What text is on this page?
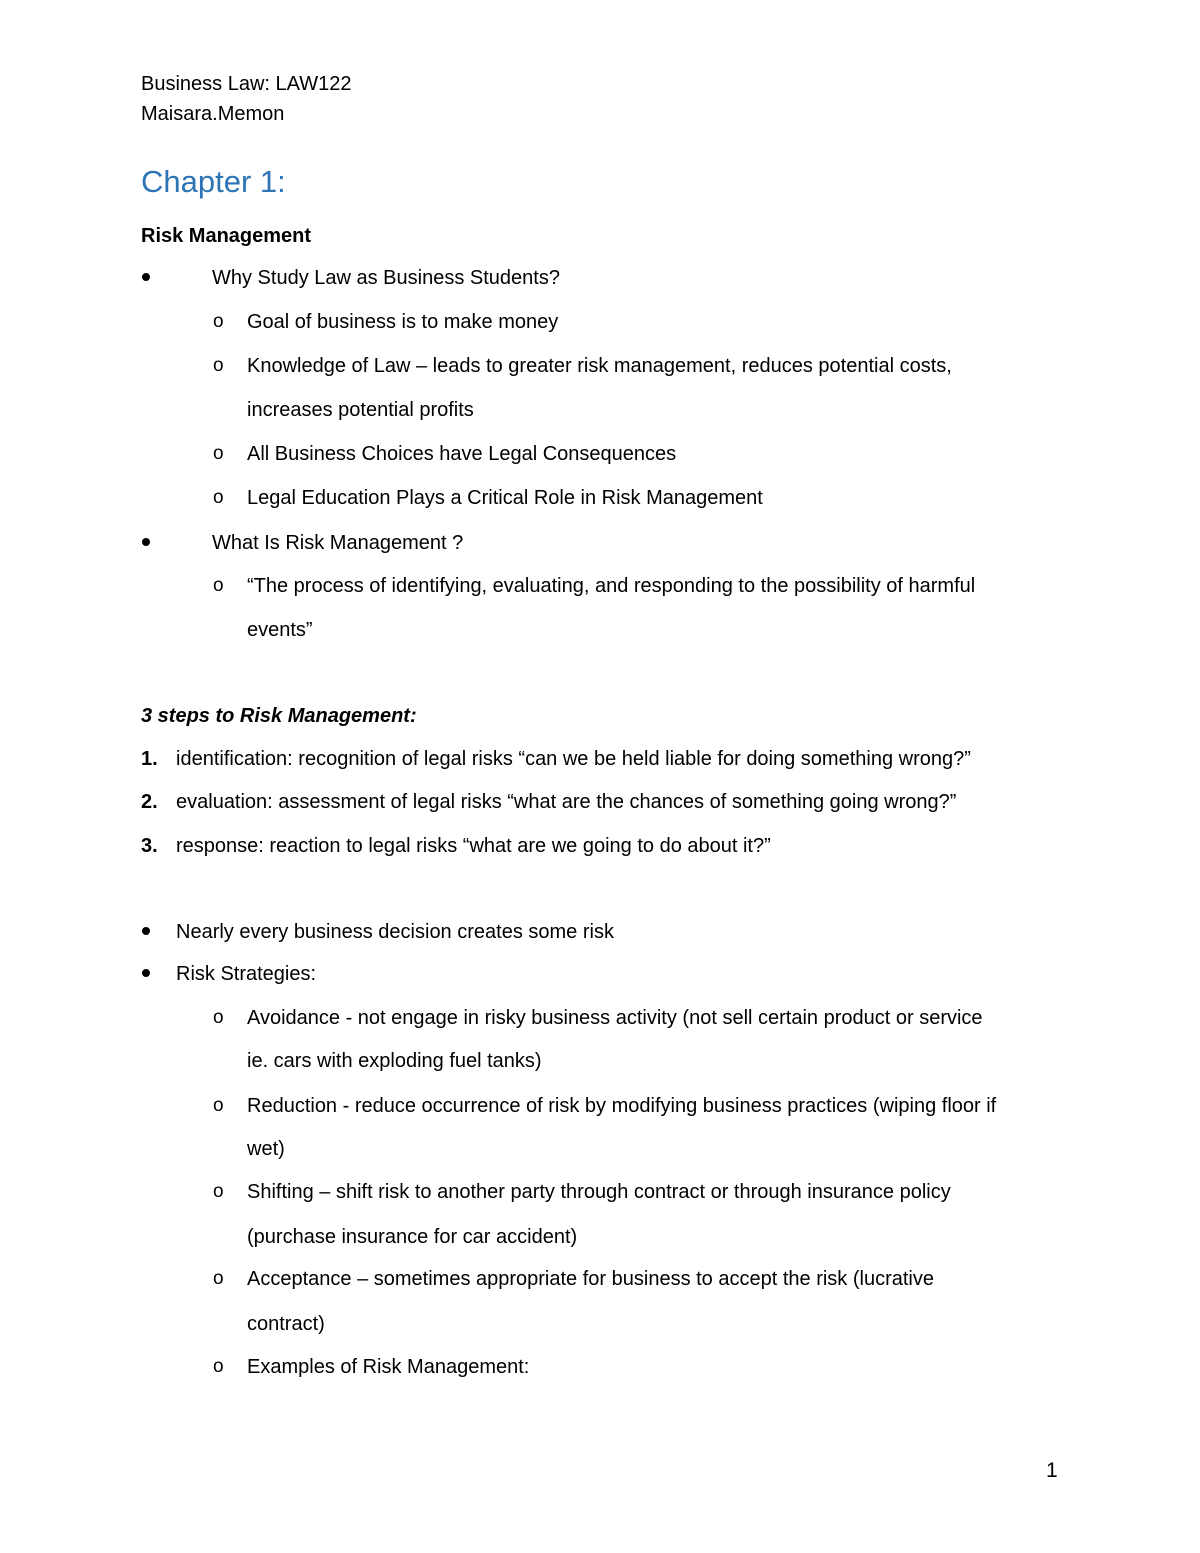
Business Law: LAW122
Maisara.Memon
Chapter 1:
Risk Management
Why Study Law as Business Students?
o Goal of business is to make money
o Knowledge of Law – leads to greater risk management, reduces potential costs,
increases potential profits
o All Business Choices have Legal Consequences
o Legal Education Plays a Critical Role in Risk Management
What Is Risk Management ?
o “The process of identifying, evaluating, and responding to the possibility of harmful
events”
3 steps to Risk Management:
1. identification: recognition of legal risks “can we be held liable for doing something wrong?”
2. evaluation: assessment of legal risks “what are the chances of something going wrong?”
3. response: reaction to legal risks “what are we going to do about it?”
Nearly every business decision creates some risk
Risk Strategies:
o Avoidance - not engage in risky business activity (not sell certain product or service
ie. cars with exploding fuel tanks)
o Reduction - reduce occurrence of risk by modifying business practices (wiping floor if
wet)
o Shifting – shift risk to another party through contract or through insurance policy
(purchase insurance for car accident)
o Acceptance – sometimes appropriate for business to accept the risk (lucrative
contract)
o Examples of Risk Management:
1
